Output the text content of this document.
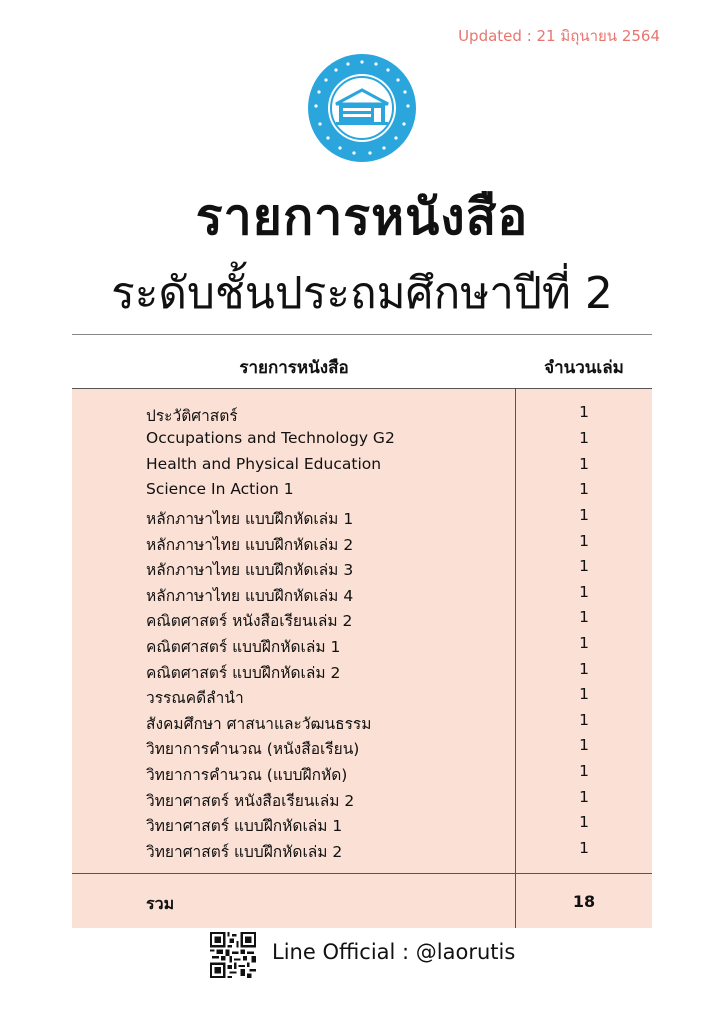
Updated : 21 มิถุนายน 2564
รายการหนังสือ
ระดับชั้นประถมศึกษาปีที่ 2
รายการหนังสือ	จำนวนเล่ม
ประวัติศาสตร์	1
Occupations and Technology G2	1
Health and Physical Education	1
Science In Action 1	1
หลักภาษาไทย แบบฝึกหัดเล่ม 1	1
หลักภาษาไทย แบบฝึกหัดเล่ม 2	1
หลักภาษาไทย แบบฝึกหัดเล่ม 3	1
หลักภาษาไทย แบบฝึกหัดเล่ม 4	1
คณิตศาสตร์ หนังสือเรียนเล่ม 2	1
คณิตศาสตร์ แบบฝึกหัดเล่ม 1	1
คณิตศาสตร์ แบบฝึกหัดเล่ม 2	1
วรรณคดีลำนำ	1
สังคมศึกษา ศาสนาและวัฒนธรรม	1
วิทยาการคำนวณ (หนังสือเรียน)	1
วิทยาการคำนวณ (แบบฝึกหัด)	1
วิทยาศาสตร์ หนังสือเรียนเล่ม 2	1
วิทยาศาสตร์ แบบฝึกหัดเล่ม 1	1
วิทยาศาสตร์ แบบฝึกหัดเล่ม 2	1
รวม	18
Line Official : @laorutis
